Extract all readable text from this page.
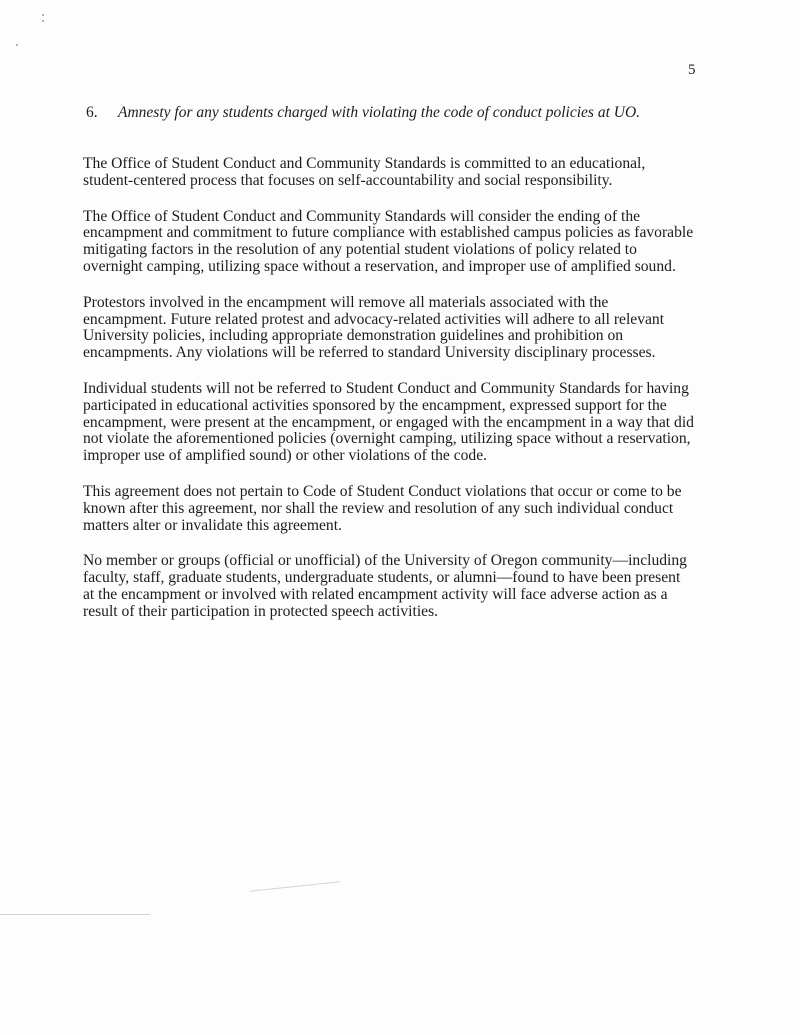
5
6.	Amnesty for any students charged with violating the code of conduct policies at UO.

The Office of Student Conduct and Community Standards is committed to an educational, student-centered process that focuses on self-accountability and social responsibility.

The Office of Student Conduct and Community Standards will consider the ending of the encampment and commitment to future compliance with established campus policies as favorable mitigating factors in the resolution of any potential student violations of policy related to overnight camping, utilizing space without a reservation, and improper use of amplified sound.

Protestors involved in the encampment will remove all materials associated with the encampment. Future related protest and advocacy-related activities will adhere to all relevant University policies, including appropriate demonstration guidelines and prohibition on encampments. Any violations will be referred to standard University disciplinary processes.

Individual students will not be referred to Student Conduct and Community Standards for having participated in educational activities sponsored by the encampment, expressed support for the encampment, were present at the encampment, or engaged with the encampment in a way that did not violate the aforementioned policies (overnight camping, utilizing space without a reservation, improper use of amplified sound) or other violations of the code.

This agreement does not pertain to Code of Student Conduct violations that occur or come to be known after this agreement, nor shall the review and resolution of any such individual conduct matters alter or invalidate this agreement.

No member or groups (official or unofficial) of the University of Oregon community—including faculty, staff, graduate students, undergraduate students, or alumni—found to have been present at the encampment or involved with related encampment activity will face adverse action as a result of their participation in protected speech activities.
